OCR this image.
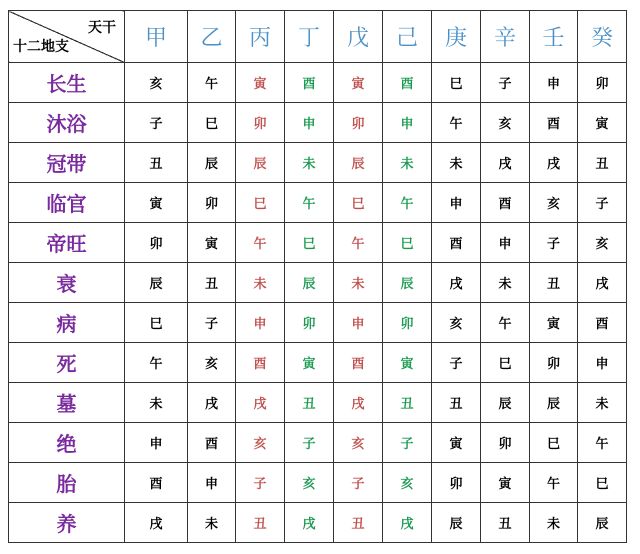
天干
十二地支	甲	乙	丙	丁	戊	己	庚	辛	壬	癸
长生	亥	午	寅	酉	寅	酉	巳	子	申	卯
沐浴	子	巳	卯	申	卯	申	午	亥	酉	寅
冠带	丑	辰	辰	未	辰	未	未	戌	戌	丑
临官	寅	卯	巳	午	巳	午	申	酉	亥	子
帝旺	卯	寅	午	巳	午	巳	酉	申	子	亥
衰	辰	丑	未	辰	未	辰	戌	未	丑	戌
病	巳	子	申	卯	申	卯	亥	午	寅	酉
死	午	亥	酉	寅	酉	寅	子	巳	卯	申
墓	未	戌	戌	丑	戌	丑	丑	辰	辰	未
绝	申	酉	亥	子	亥	子	寅	卯	巳	午
胎	酉	申	子	亥	子	亥	卯	寅	午	巳
养	戌	未	丑	戌	丑	戌	辰	丑	未	辰
